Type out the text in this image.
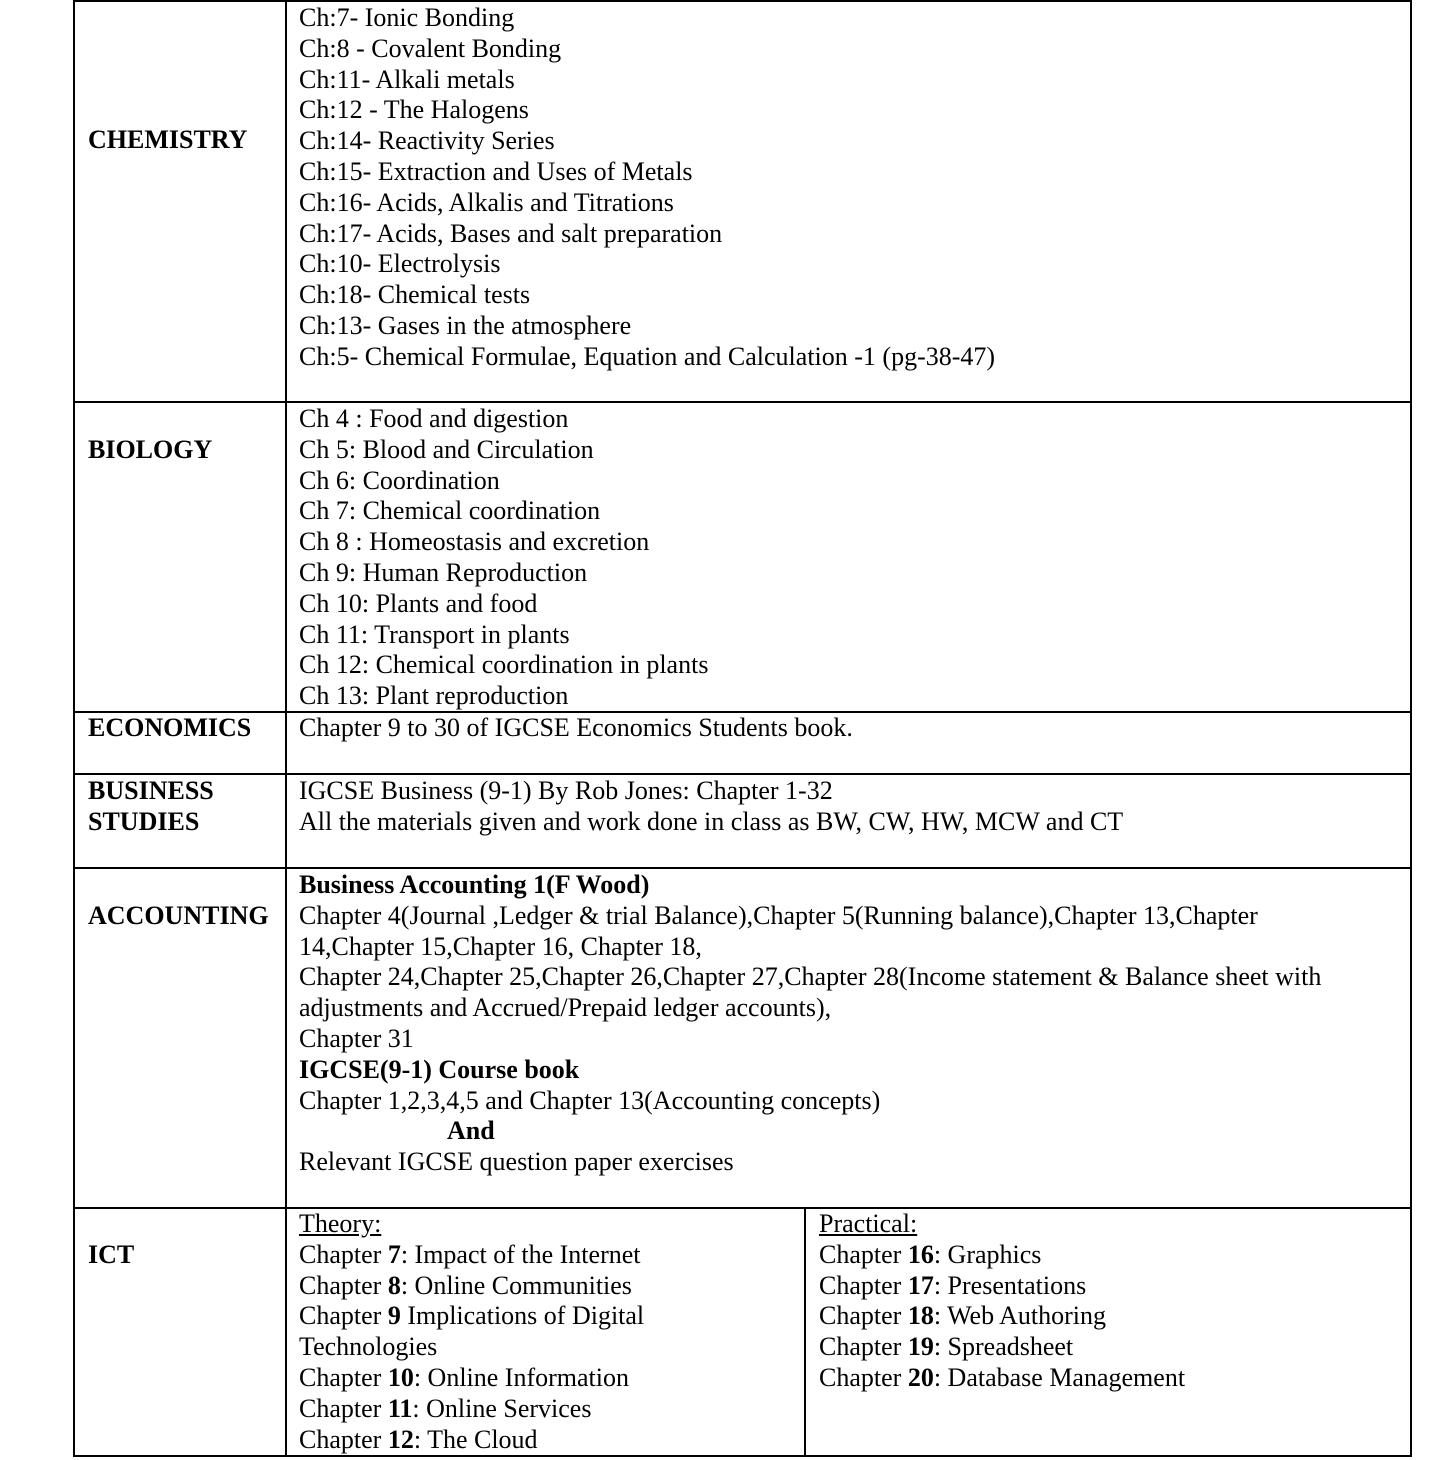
CHEMISTRY
Ch:7- Ionic Bonding
Ch:8 - Covalent Bonding
Ch:11- Alkali metals
Ch:12 - The Halogens
Ch:14- Reactivity Series
Ch:15- Extraction and Uses of Metals
Ch:16- Acids, Alkalis and Titrations
Ch:17- Acids, Bases and salt preparation
Ch:10- Electrolysis
Ch:18- Chemical tests
Ch:13- Gases in the atmosphere
Ch:5- Chemical Formulae, Equation and Calculation -1 (pg-38-47)
BIOLOGY
Ch 4 : Food and digestion
Ch 5: Blood and Circulation
Ch 6: Coordination
Ch 7: Chemical coordination
Ch 8 : Homeostasis and excretion
Ch 9: Human Reproduction
Ch 10: Plants and food
Ch 11: Transport in plants
Ch 12: Chemical coordination in plants
Ch 13: Plant reproduction
ECONOMICS Chapter 9 to 30 of IGCSE Economics Students book.
BUSINESS STUDIES
IGCSE Business (9-1) By Rob Jones: Chapter 1-32
All the materials given and work done in class as BW, CW, HW, MCW and CT
ACCOUNTING
Business Accounting 1(F Wood)
Chapter 4(Journal ,Ledger & trial Balance),Chapter 5(Running balance),Chapter 13,Chapter
14,Chapter 15,Chapter 16, Chapter 18,
Chapter 24,Chapter 25,Chapter 26,Chapter 27,Chapter 28(Income statement & Balance sheet with
adjustments and Accrued/Prepaid ledger accounts),
Chapter 31
IGCSE(9-1) Course book
Chapter 1,2,3,4,5 and Chapter 13(Accounting concepts)
And
Relevant IGCSE question paper exercises
ICT
Theory:
Chapter 7: Impact of the Internet
Chapter 8: Online Communities
Chapter 9 Implications of Digital
Technologies
Chapter 10: Online Information
Chapter 11: Online Services
Chapter 12: The Cloud
Practical:
Chapter 16: Graphics
Chapter 17: Presentations
Chapter 18: Web Authoring
Chapter 19: Spreadsheet
Chapter 20: Database Management
